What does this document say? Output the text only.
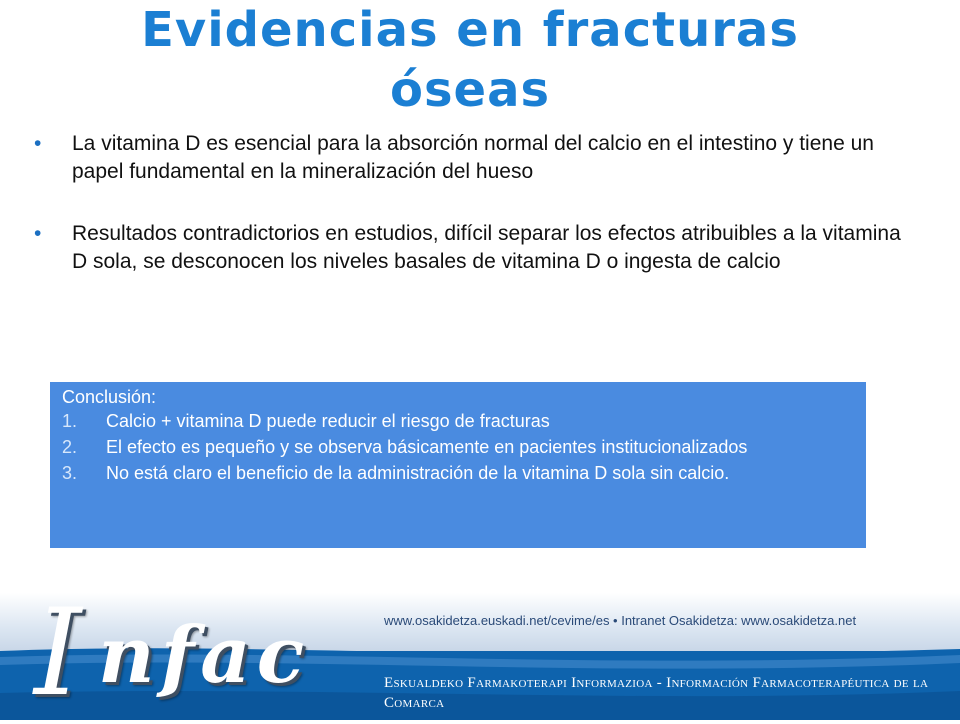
Evidencias en fracturas óseas
• La vitamina D es esencial para la absorción normal del calcio en el intestino y tiene un papel fundamental en la mineralización del hueso
• Resultados contradictorios en estudios, difícil separar los efectos atribuibles a la vitamina D sola, se desconocen los niveles basales de vitamina D o ingesta de calcio

Conclusión:

1. Calcio + vitamina D puede reducir el riesgo de fracturas
2. El efecto es pequeño y se observa básicamente en pacientes institucionalizados
3. No está claro el beneficio de la administración de la vitamina D sola sin calcio.
I nfac	www.osakidetza.euskadi.net/cevime/es • Intranet Osakidetza: www.osakidetza.net
Eskualdeko Farmakoterapi Informazioa - Información Farmacoterapéutica de la Comarca
